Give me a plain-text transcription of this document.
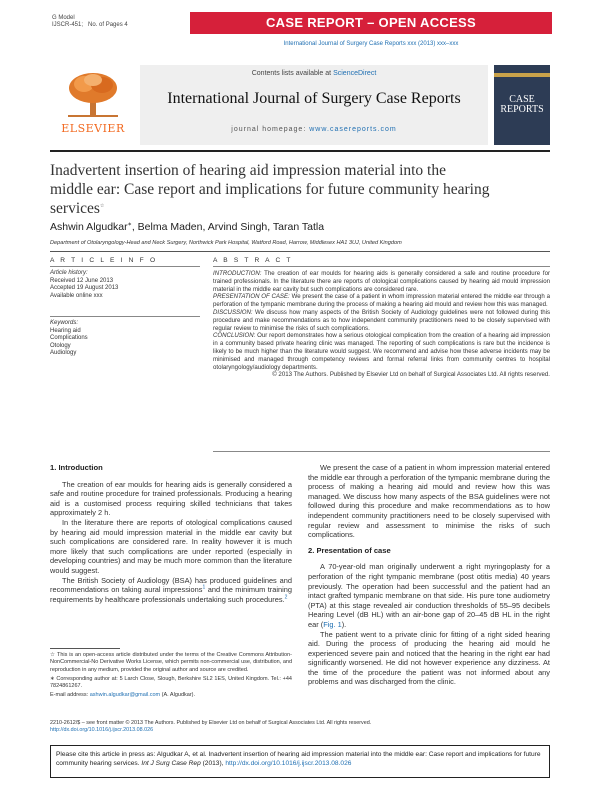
G Model
IJSCR-451; No. of Pages 4	CASE REPORT – OPEN ACCESS
International Journal of Surgery Case Reports xxx (2013) xxx–xxx
ELSEVIER
Contents lists available at ScienceDirect
International Journal of Surgery Case Reports
journal homepage: www.casereports.com
CASE REPORTS
Inadvertent insertion of hearing aid impression material into the middle ear: Case report and implications for future community hearing services☆
Ashwin Algudkar∗, Belma Maden, Arvind Singh, Taran Tatla
Department of Otolaryngology-Head and Neck Surgery, Northwick Park Hospital, Watford Road, Harrow, Middlesex HA1 3UJ, United Kingdom
A R T I C L E I N F O	A B S T R A C T
Article history:
Received 12 June 2013
Accepted 19 August 2013
Available online xxx
Keywords:
Hearing aid
Complications
Otology
Audiology

INTRODUCTION: The creation of ear moulds for hearing aids is generally considered a safe and routine procedure for trained professionals. In the literature there are reports of otological complications caused by hearing aid mould impression material in the middle ear cavity but such complications are considered rare.

PRESENTATION OF CASE: We present the case of a patient in whom impression material entered the middle ear through a perforation of the tympanic membrane during the process of making a hearing aid mould and review how this was managed.

DISCUSSION: We discuss how many aspects of the British Society of Audiology guidelines were not followed during this procedure and make recommendations as to how independent community practitioners need to be closely supervised with regular review to minimise the risks of such complications.

CONCLUSION: Our report demonstrates how a serious otological complication from the creation of a hearing aid impression in a community based private hearing clinic was managed. The reporting of such complications is rare but the incidence is likely to be much higher than the literature would suggest. We recommend and advise how these adverse incidents may be minimised and managed through competency reviews and formal referral links from community centres to hospital otolaryngology/audiology departments.

© 2013 The Authors. Published by Elsevier Ltd on behalf of Surgical Associates Ltd. All rights reserved.

1. Introduction

The creation of ear moulds for hearing aids is generally considered a safe and routine procedure for trained professionals. Producing a hearing aid is a customised process requiring skilled technicians that takes approximately 2 h.

In the literature there are reports of otological complications caused by hearing aid mould impression material in the middle ear cavity but such complications are considered rare. In reality however it is much more likely that such complications are under reported (especially in developing countries) and may be much more common than the literature would suggest.

The British Society of Audiology (BSA) has produced guidelines and recommendations on taking aural impressions$^1$ and the minimum training requirements by healthcare professionals undertaking such procedures.$^2$

We present the case of a patient in whom impression material entered the middle ear through a perforation of the tympanic membrane during the process of making a hearing aid mould and review how this was managed. We discuss how many aspects of the BSA guidelines were not followed during this procedure and make recommendations as to how independent community practitioners need to be closely supervised with regular review and assessment to minimise the risks of such complications.

2. Presentation of case

A 70-year-old man originally underwent a right myringoplasty for a perforation of the right tympanic membrane (post otitis media) 40 years previously. The operation had been successful and the patient had an intact grafted tympanic membrane on that side. His pure tone audiometry (PTA) at this stage revealed air conduction thresholds of 55–95 decibels Hearing Level (dB HL) with an air-bone gap of 20–45 dB HL in the right ear (Fig. 1).

The patient went to a private clinic for fitting of a right sided hearing aid. During the process of producing the hearing aid mould he experienced severe pain and noticed that the hearing in the right ear had significantly worsened. He did not however experience any dizziness. At the time of the procedure the patient was not informed about any problems and was discharged from the clinic.

☆ This is an open-access article distributed under the terms of the Creative Commons Attribution-NonCommercial-No Derivative Works License, which permits non-commercial use, distribution, and reproduction in any medium, provided the original author and source are credited.

∗ Corresponding author at: 5 Larch Close, Slough, Berkshire SL2 1ES, United Kingdom. Tel.: +44 7824861267.

E-mail address: ashwin.algudkar@gmail.com (A. Algudkar).

2210-2612/$ – see front matter © 2013 The Authors. Published by Elsevier Ltd on behalf of Surgical Associates Ltd. All rights reserved.
http://dx.doi.org/10.1016/j.ijscr.2013.08.026
Please cite this article in press as: Algudkar A, et al. Inadvertent insertion of hearing aid impression material into the middle ear: Case report and implications for future community hearing services. Int J Surg Case Rep (2013), http://dx.doi.org/10.1016/j.ijscr.2013.08.026
